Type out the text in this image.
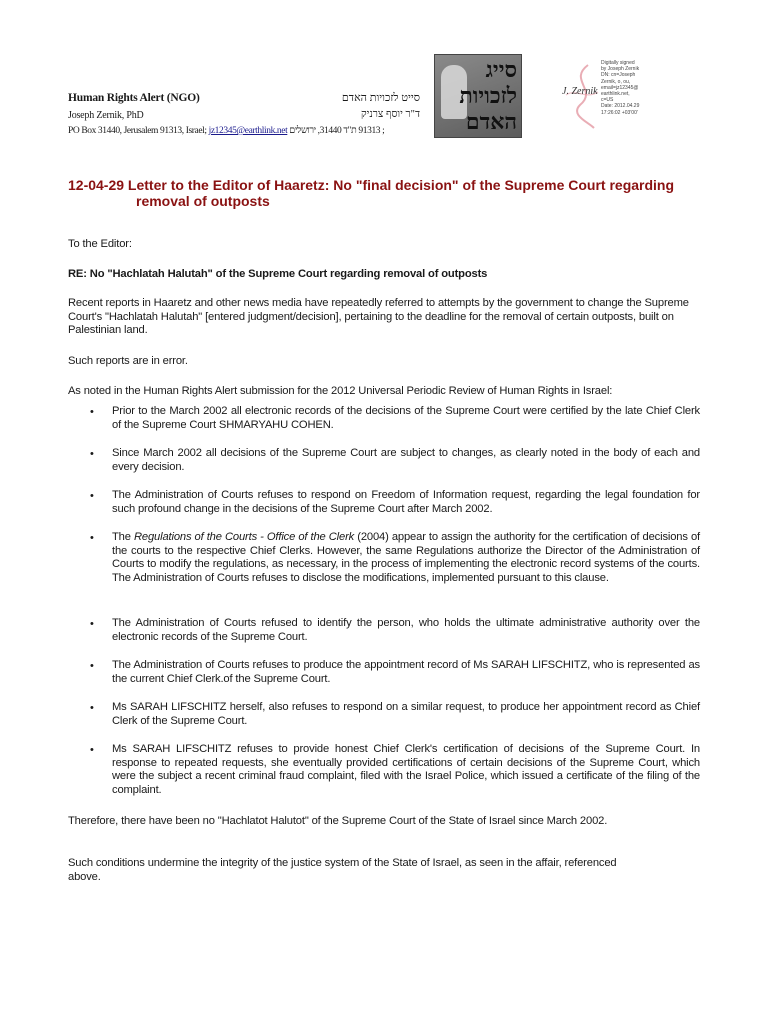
Human Rights Alert (NGO)
Joseph Zernik, PhD
PO Box 31440, Jerusalem 91313, Israel; jz12345@earthlink.net ; 91313 ת"ד 31440, ירושלים
סייט לזכויות האדם
ד"ר יוסף צרניק
סייג
לזכויות
האדם
J. Zernik
Digitally signed
by Joseph Zernik
DN: cn=Joseph
Zernik, o, ou,
email=jz12345@
earthlink.net,
c=US
Date: 2012.04.29
17:26:02 +03'00'
12-04-29 Letter to the Editor of Haaretz: No "final decision" of the Supreme Court regarding
removal of outposts
To the Editor:
RE: No "Hachlatah Halutah" of the Supreme Court regarding removal of outposts
Recent reports in Haaretz and other news media have repeatedly referred to attempts by the government to change the Supreme Court's "Hachlatah Halutah" [entered judgment/decision], pertaining to the deadline for the removal of certain outposts, built on Palestinian land.
Such reports are in error.
As noted in the Human Rights Alert submission for the 2012 Universal Periodic Review of Human Rights in Israel:
• Prior to the March 2002 all electronic records of the decisions of the Supreme Court were certified by the late Chief Clerk of the Supreme Court SHMARYAHU COHEN.
• Since March 2002 all decisions of the Supreme Court are subject to changes, as clearly noted in the body of each and every decision.
• The Administration of Courts refuses to respond on Freedom of Information request, regarding the legal foundation for such profound change in the decisions of the Supreme Court after March 2002.
• The Regulations of the Courts - Office of the Clerk (2004) appear to assign the authority for the certification of decisions of the courts to the respective Chief Clerks. However, the same Regulations authorize the Director of the Administration of Courts to modify the regulations, as necessary, in the process of implementing the electronic record systems of the courts. The Administration of Courts refuses to disclose the modifications, implemented pursuant to this clause.
• The Administration of Courts refused to identify the person, who holds the ultimate administrative authority over the electronic records of the Supreme Court.
• The Administration of Courts refuses to produce the appointment record of Ms SARAH LIFSCHITZ, who is represented as the current Chief Clerk.of the Supreme Court.
• Ms SARAH LIFSCHITZ herself, also refuses to respond on a similar request, to produce her appointment record as Chief Clerk of the Supreme Court.
• Ms SARAH LIFSCHITZ refuses to provide honest Chief Clerk's certification of decisions of the Supreme Court. In response to repeated requests, she eventually provided certifications of certain decisions of the Supreme Court, which were the subject a recent criminal fraud complaint, filed with the Israel Police, which issued a certificate of the filing of the complaint.
Therefore, there have been no "Hachlatot Halutot" of the Supreme Court of the State of Israel since March 2002.
Such conditions undermine the integrity of the justice system of the State of Israel, as seen in the affair, referenced above.
